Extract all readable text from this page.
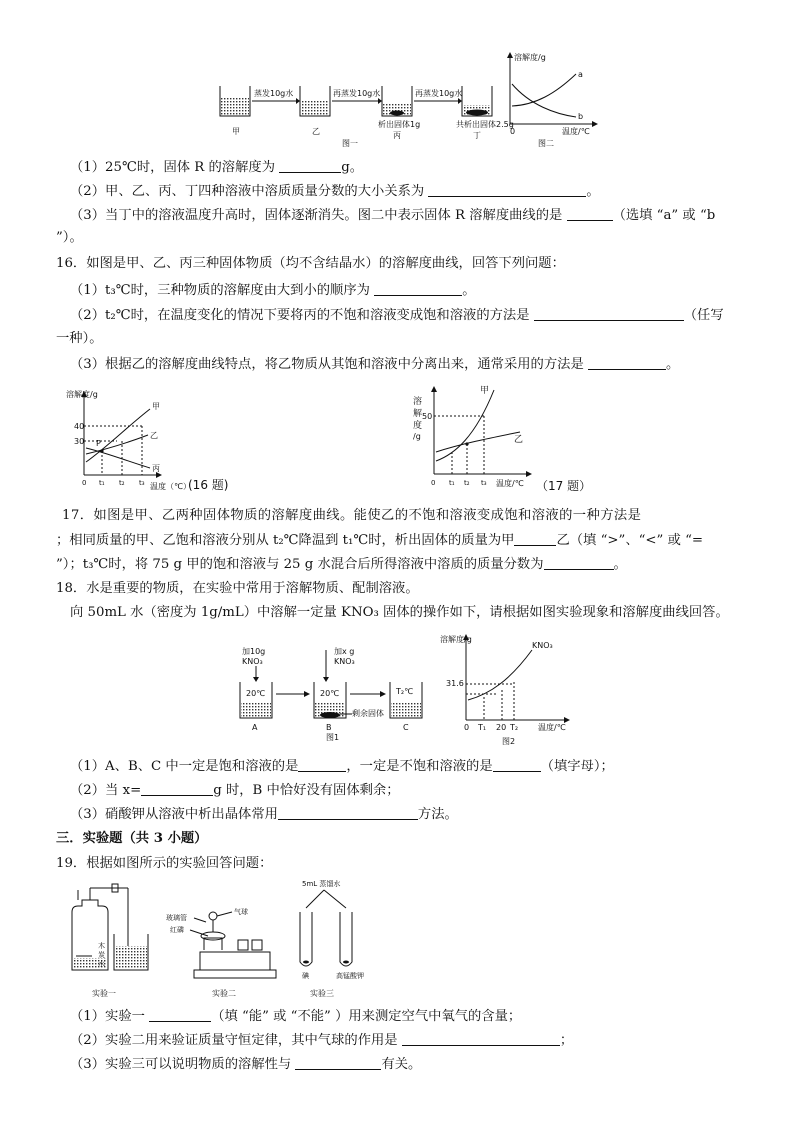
蒸发10g水	再蒸发10g水	再蒸发10g水
甲	乙
析出固体1g
丙
共析出固体2.5g
丁
图一
溶解度/g
a
b
0	温度/℃
图二
（1）25℃时，固体 R 的溶解度为	g。
（2）甲、乙、丙、丁四种溶液中溶质质量分数的大小关系为	。
（3）当丁中的溶液温度升高时，固体逐渐消失。图二中表示固体 R 溶解度曲线的是	（选填 “a” 或 “b
”）。
16．如图是甲、乙、丙三种固体物质（均不含结晶水）的溶解度曲线，回答下列问题：
（1）t₃℃时，三种物质的溶解度由大到小的顺序为	。
（2）t₂℃时，在温度变化的情况下要将丙的不饱和溶液变成饱和溶液的方法是	（任写
一种）。
（3）根据乙的溶解度曲线特点，将乙物质从其饱和溶液中分离出来，通常采用的方法是	。
溶解度/g
40
30 P
甲
乙
丙
0 t₁ t₂ t₃ 温度（℃）
(16 题)
溶
解
度
/g
50
甲
乙
0 t₁ t₂ t₃ 温度/℃ （17 题）
17．如图是甲、乙两种固体物质的溶解度曲线。能使乙的不饱和溶液变成饱和溶液的一种方法是
；相同质量的甲、乙饱和溶液分别从 t₂℃降温到 t₁℃时，析出固体的质量为甲	乙（填 “>”、“<” 或 “=
”）；t₃℃时，将 75 g 甲的饱和溶液与 25 g 水混合后所得溶液中溶质的质量分数为	。
18．水是重要的物质，在实验中常用于溶解物质、配制溶液。
向 50mL 水（密度为 1g/mL）中溶解一定量 KNO₃ 固体的操作如下，请根据如图实验现象和溶解度曲线回答。
加10g
KNO₃
加x g
KNO₃
20℃	20℃	T₂℃
剩余固体
A	B	C
图1
溶解度/g
KNO₃
31.6
0 T₁ 20 T₂ 温度/℃
图2
（1）A、B、C 中一定是饱和溶液的是	，一定是不饱和溶液的是	（填字母）；
（2）当 x=	g 时，B 中恰好没有固体剩余；
（3）硝酸钾从溶液中析出晶体常用	方法。
三．实验题（共 3 小题）
19．根据如图所示的实验回答问题：
木
炭
水
实验一
玻璃管
红磷
气球
实验二
5mL 蒸馏水
碘	高锰酸钾
实验三
（1）实验一	（填 “能” 或 “不能” ）用来测定空气中氧气的含量；
（2）实验二用来验证质量守恒定律，其中气球的作用是	；
（3）实验三可以说明物质的溶解性与	有关。
